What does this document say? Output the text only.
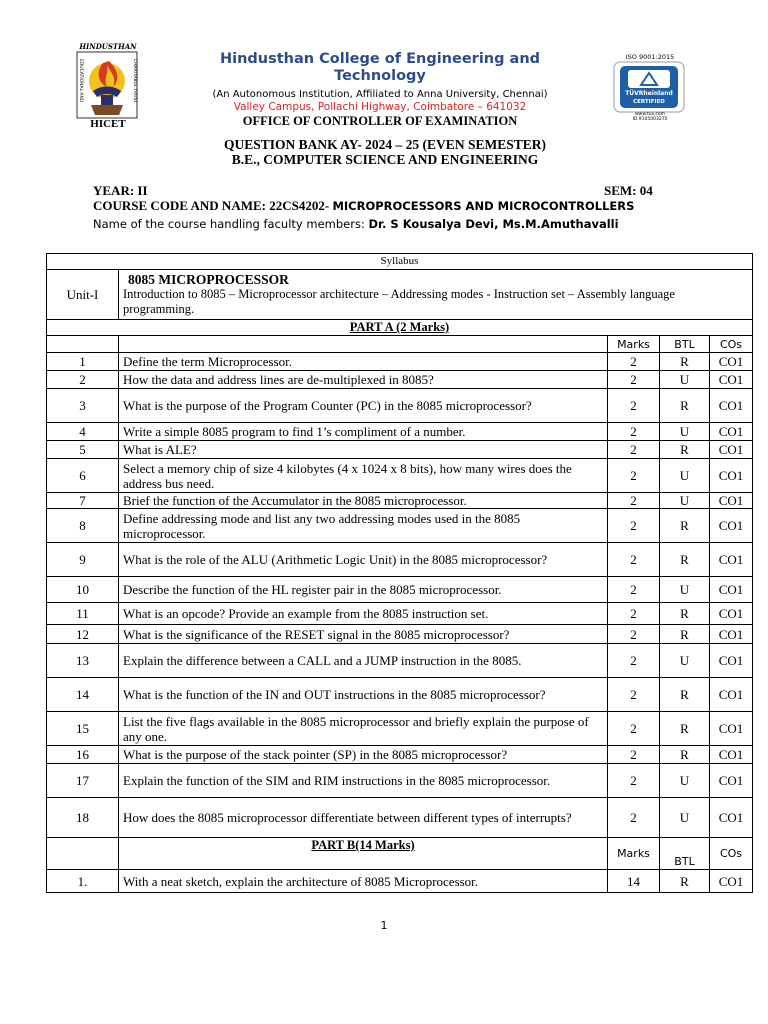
HINDUSTHAN
EDUCATIONAL AND	CHARITABLE TRUST
HICET
Hindusthan College of Engineering and
Technology
(An Autonomous Institution, Affiliated to Anna University, Chennai)
Valley Campus, Pollachi Highway, Coimbatore – 641032
OFFICE OF CONTROLLER OF EXAMINATION
ISO 9001:2015
TÜVRheinland
CERTIFIED
www.tuv.com
ID 9105003275
QUESTION BANK AY- 2024 – 25 (EVEN SEMESTER)
B.E., COMPUTER SCIENCE AND ENGINEERING
YEAR: II	SEM: 04
COURSE CODE AND NAME: 22CS4202- MICROPROCESSORS AND MICROCONTROLLERS
Name of the course handling faculty members: Dr. S Kousalya Devi, Ms.M.Amuthavalli
Syllabus				
Unit-I	8085 MICROPROCESSOR
Introduction to 8085 – Microprocessor architecture – Addressing modes - Instruction set – Assembly language programming.			

PART A (2 Marks)				
		Marks	BTL	COs
1	Define the term Microprocessor.	2	R	CO1
2	How the data and address lines are de-multiplexed in 8085?	2	U	CO1
3	What is the purpose of the Program Counter (PC) in the 8085 microprocessor?	2	R	CO1
4	Write a simple 8085 program to find 1’s compliment of a number.	2	U	CO1
5	What is ALE?	2	R	CO1
6	Select a memory chip of size 4 kilobytes (4 x 1024 x 8 bits), how many wires does the address bus need.	2	U	CO1
7	Brief the function of the Accumulator in the 8085 microprocessor.	2	U	CO1
8	Define addressing mode and list any two addressing modes used in the 8085 microprocessor.	2	R	CO1
9	What is the role of the ALU (Arithmetic Logic Unit) in the 8085 microprocessor?	2	R	CO1
10	Describe the function of the HL register pair in the 8085 microprocessor.	2	U	CO1
11	What is an opcode? Provide an example from the 8085 instruction set.	2	R	CO1
12	What is the significance of the RESET signal in the 8085 microprocessor?	2	R	CO1
13	Explain the difference between a CALL and a JUMP instruction in the 8085.	2	U	CO1
14	What is the function of the IN and OUT instructions in the 8085 microprocessor?	2	R	CO1
15	List the five flags available in the 8085 microprocessor and briefly explain the purpose of any one.	2	R	CO1
16	What is the purpose of the stack pointer (SP) in the 8085 microprocessor?	2	R	CO1
17	Explain the function of the SIM and RIM instructions in the 8085 microprocessor.	2	U	CO1
18	How does the 8085 microprocessor differentiate between different types of interrupts?	2	U	CO1
	PART B(14 Marks)	Marks	BTL	COs
1.	With a neat sketch, explain the architecture of 8085 Microprocessor.	14	R	CO1
1
